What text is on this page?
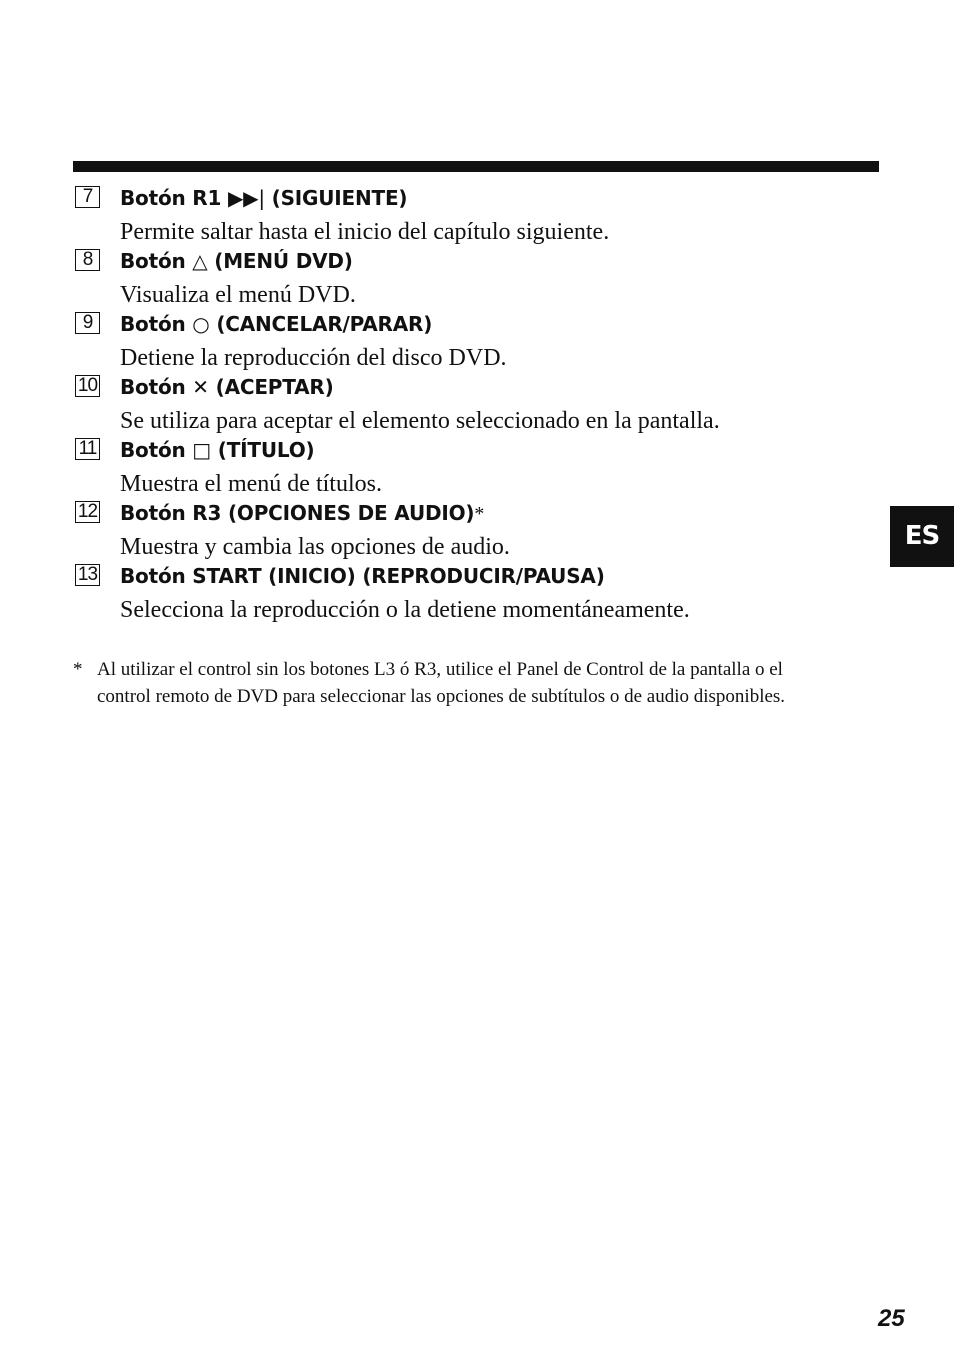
7	Botón R1 ▶▶| (SIGUIENTE)
Permite saltar hasta el inicio del capítulo siguiente.
8	Botón △ (MENÚ DVD)
Visualiza el menú DVD.
9	Botón ○ (CANCELAR/PARAR)
Detiene la reproducción del disco DVD.
10 Botón ✕ (ACEPTAR)
Se utiliza para aceptar el elemento seleccionado en la pantalla.
11 Botón □ (TÍTULO)
Muestra el menú de títulos.
12 Botón R3 (OPCIONES DE AUDIO)*
Muestra y cambia las opciones de audio.
13 Botón START (INICIO) (REPRODUCIR/PAUSA)
Selecciona la reproducción o la detiene momentáneamente.
* Al utilizar el control sin los botones L3 ó R3, utilice el Panel de Control de la pantalla o el
control remoto de DVD para seleccionar las opciones de subtítulos o de audio disponibles.
ES
25
